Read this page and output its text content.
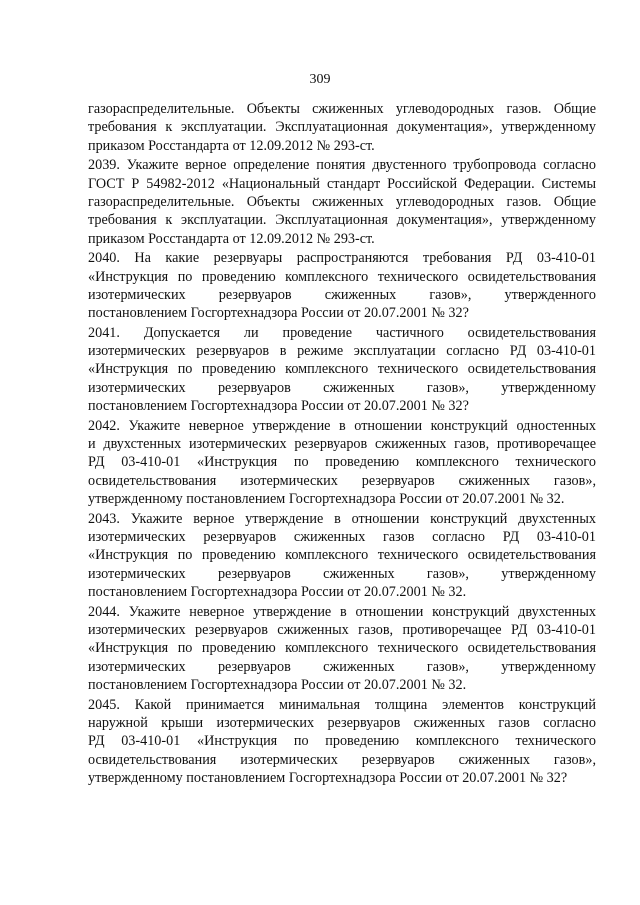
309
газораспределительные. Объекты сжиженных углеводородных газов. Общие
требования к эксплуатации. Эксплуатационная документация», утвержденному
приказом Росстандарта от 12.09.2012 № 293-ст.
2039. Укажите верное определение понятия двустенного трубопровода согласно
ГОСТ Р 54982-2012 «Национальный стандарт Российской Федерации. Системы
газораспределительные. Объекты сжиженных углеводородных газов. Общие
требования к эксплуатации. Эксплуатационная документация», утвержденному
приказом Росстандарта от 12.09.2012 № 293-ст.
2040. На какие резервуары распространяются требования РД 03-410-01
«Инструкция по проведению комплексного технического освидетельствования
изотермических резервуаров сжиженных газов», утвержденного
постановлением Госгортехнадзора России от 20.07.2001 № 32?
2041. Допускается ли проведение частичного освидетельствования
изотермических резервуаров в режиме эксплуатации согласно РД 03-410-01
«Инструкция по проведению комплексного технического освидетельствования
изотермических резервуаров сжиженных газов», утвержденному
постановлением Госгортехнадзора России от 20.07.2001 № 32?
2042. Укажите неверное утверждение в отношении конструкций одностенных
и двухстенных изотермических резервуаров сжиженных газов, противоречащее
РД 03-410-01 «Инструкция по проведению комплексного технического
освидетельствования изотермических резервуаров сжиженных газов»,
утвержденному постановлением Госгортехнадзора России от 20.07.2001 № 32.
2043. Укажите верное утверждение в отношении конструкций двухстенных
изотермических резервуаров сжиженных газов согласно РД 03-410-01
«Инструкция по проведению комплексного технического освидетельствования
изотермических резервуаров сжиженных газов», утвержденному
постановлением Госгортехнадзора России от 20.07.2001 № 32.
2044. Укажите неверное утверждение в отношении конструкций двухстенных
изотермических резервуаров сжиженных газов, противоречащее РД 03-410-01
«Инструкция по проведению комплексного технического освидетельствования
изотермических резервуаров сжиженных газов», утвержденному
постановлением Госгортехнадзора России от 20.07.2001 № 32.
2045. Какой принимается минимальная толщина элементов конструкций
наружной крыши изотермических резервуаров сжиженных газов согласно
РД 03-410-01 «Инструкция по проведению комплексного технического
освидетельствования изотермических резервуаров сжиженных газов»,
утвержденному постановлением Госгортехнадзора России от 20.07.2001 № 32?
